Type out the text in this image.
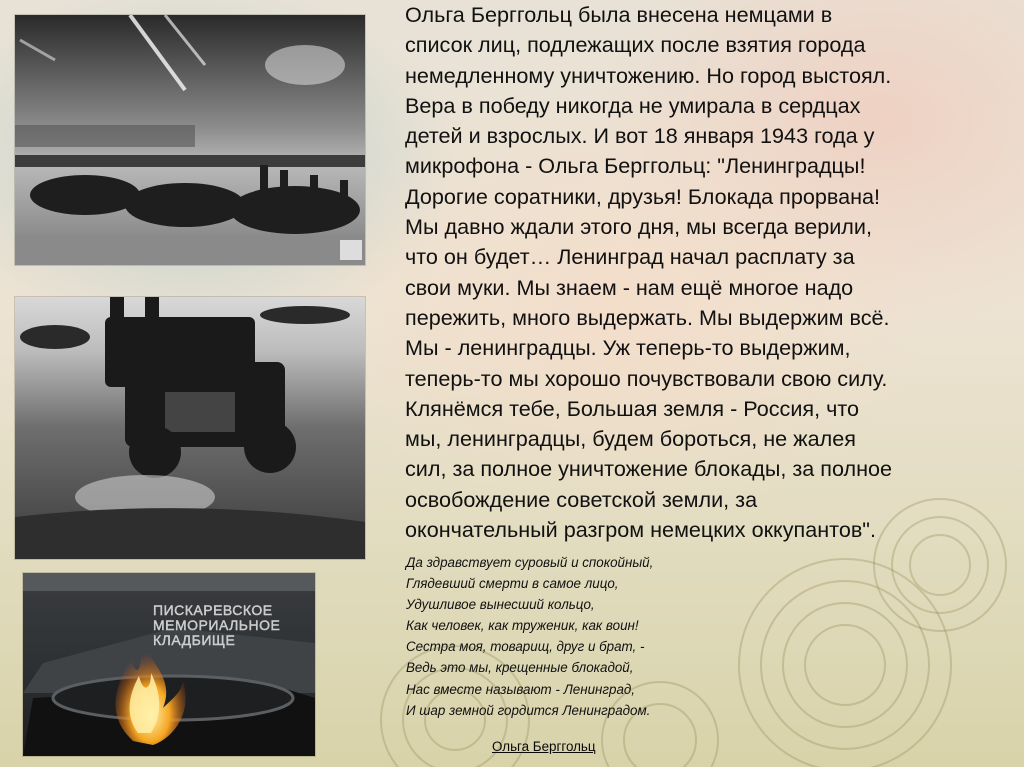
ПИСКАРЕВСКОЕ
МЕМОРИАЛЬНОЕ
КЛАДБИЩЕ
Ольга Берггольц была внесена немцами в
список лиц, подлежащих после взятия города
немедленному уничтожению. Но город выстоял.
Вера в победу никогда не умирала в сердцах
детей и взрослых. И вот 18 января 1943 года у
микрофона - Ольга Берггольц: "Ленинградцы!
Дорогие соратники, друзья! Блокада прорвана!
Мы давно ждали этого дня, мы всегда верили,
что он будет… Ленинград начал расплату за
свои муки. Мы знаем - нам ещё многое надо
пережить, много выдержать. Мы выдержим всё.
Мы - ленинградцы. Уж теперь-то выдержим,
теперь-то мы хорошо почувствовали свою силу.
Клянёмся тебе, Большая земля - Россия, что
мы, ленинградцы, будем бороться, не жалея
сил, за полное уничтожение блокады, за полное
освобождение советской земли, за
окончательный разгром немецких оккупантов".
Да здравствует суровый и спокойный,
Глядевший смерти в самое лицо,
Удушливое вынесший кольцо,
Как человек, как труженик, как воин!
Сестра моя, товарищ, друг и брат, -
Ведь это мы, крещенные блокадой,
Нас вместе называют - Ленинград,
И шар земной гордится Ленинградом.
Ольга Берггольц
